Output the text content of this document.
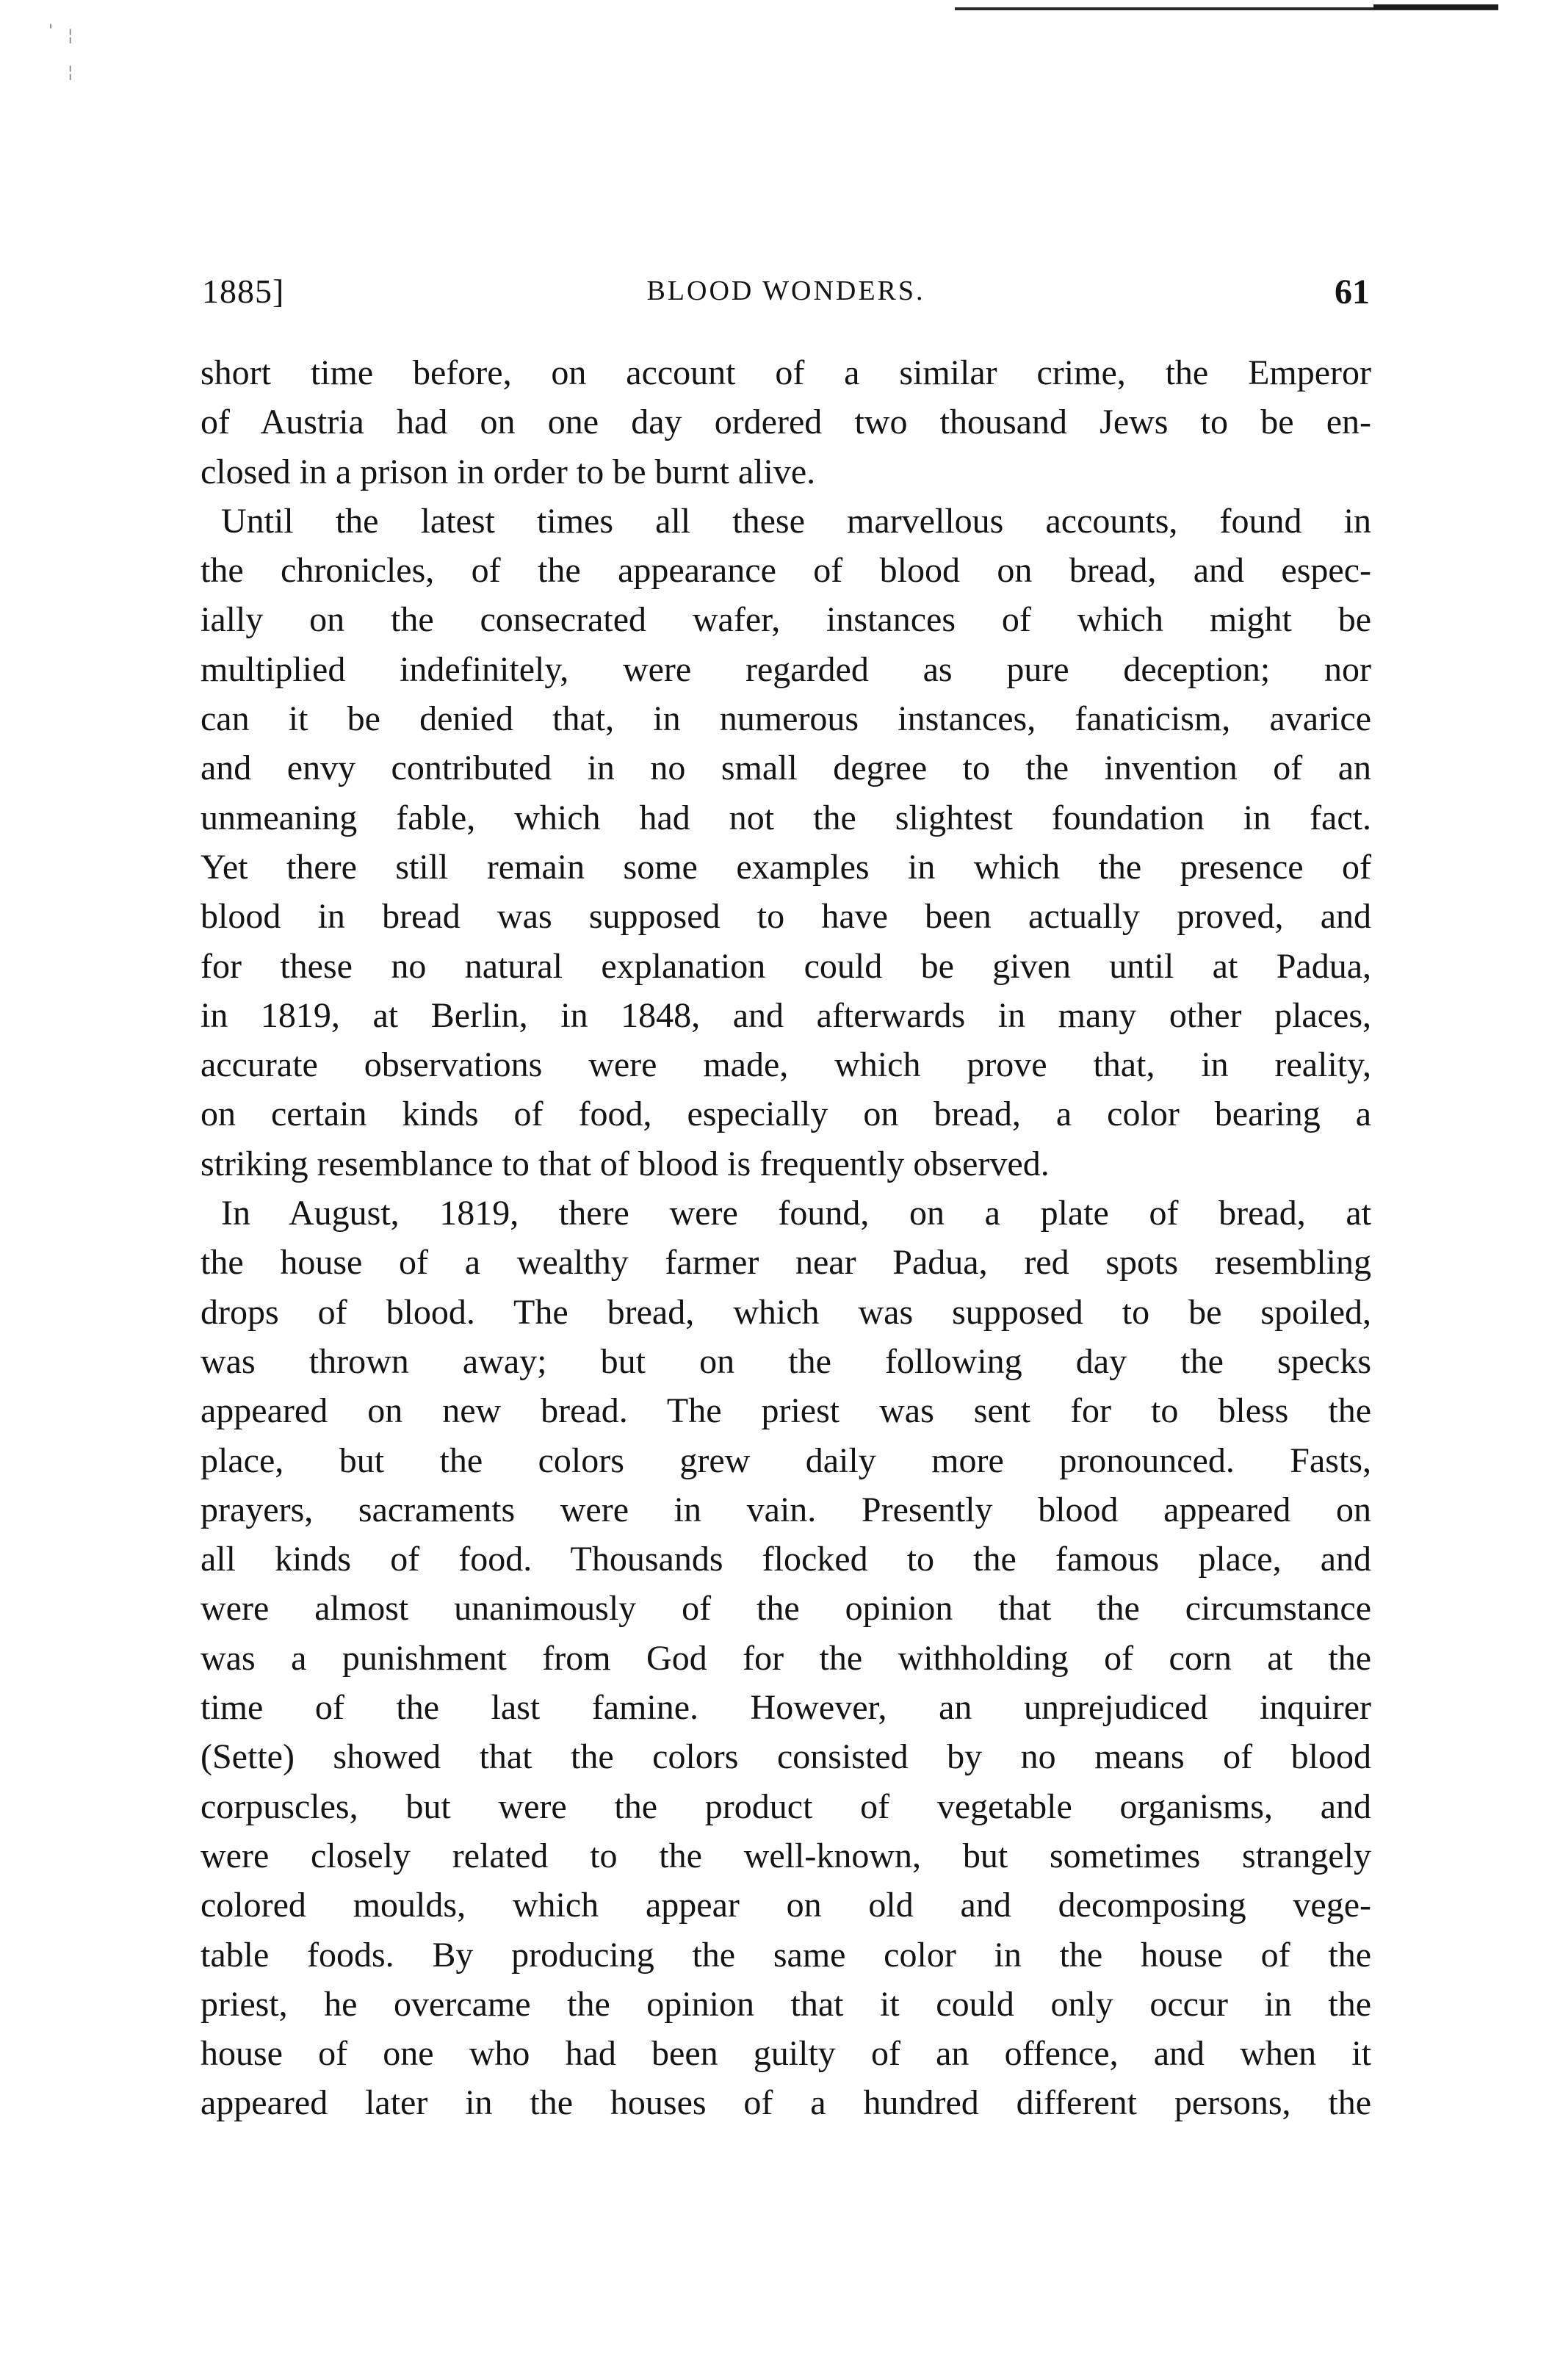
' ¦
¦
1885]	BLOOD WONDERS.	61
short time before, on account of a similar crime, the Emperor
of Austria had on one day ordered two thousand Jews to be en-
closed in a prison in order to be burnt alive.
Until the latest times all these marvellous accounts, found in
the chronicles, of the appearance of blood on bread, and espec-
ially on the consecrated wafer, instances of which might be
multiplied indefinitely, were regarded as pure deception; nor
can it be denied that, in numerous instances, fanaticism, avarice
and envy contributed in no small degree to the invention of an
unmeaning fable, which had not the slightest foundation in fact.
Yet there still remain some examples in which the presence of
blood in bread was supposed to have been actually proved, and
for these no natural explanation could be given until at Padua,
in 1819, at Berlin, in 1848, and afterwards in many other places,
accurate observations were made, which prove that, in reality,
on certain kinds of food, especially on bread, a color bearing a
striking resemblance to that of blood is frequently observed.
In August, 1819, there were found, on a plate of bread, at
the house of a wealthy farmer near Padua, red spots resembling
drops of blood. The bread, which was supposed to be spoiled,
was thrown away; but on the following day the specks
appeared on new bread. The priest was sent for to bless the
place, but the colors grew daily more pronounced. Fasts,
prayers, sacraments were in vain. Presently blood appeared on
all kinds of food. Thousands flocked to the famous place, and
were almost unanimously of the opinion that the circumstance
was a punishment from God for the withholding of corn at the
time of the last famine. However, an unprejudiced inquirer
(Sette) showed that the colors consisted by no means of blood
corpuscles, but were the product of vegetable organisms, and
were closely related to the well-known, but sometimes strangely
colored moulds, which appear on old and decomposing vege-
table foods. By producing the same color in the house of the
priest, he overcame the opinion that it could only occur in the
house of one who had been guilty of an offence, and when it
appeared later in the houses of a hundred different persons, the
